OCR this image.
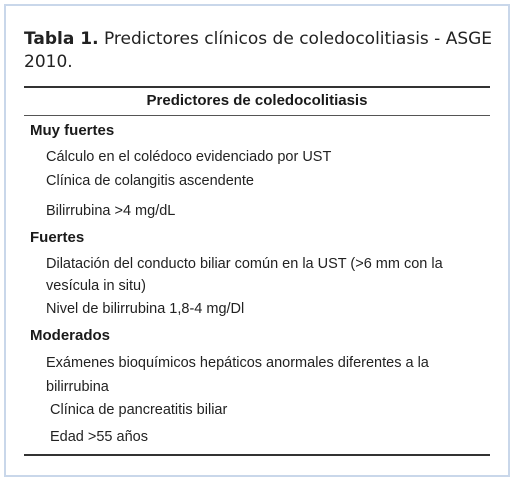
Tabla 1. Predictores clínicos de coledocolitiasis - ASGE 2010.
Predictores de coledocolitiasis
Muy fuertes
Cálculo en el colédoco evidenciado por UST
Clínica de colangitis ascendente
Bilirrubina >4 mg/dL
Fuertes
Dilatación del conducto biliar común en la UST (>6 mm con la vesícula in situ)
Nivel de bilirrubina 1,8-4 mg/Dl
Moderados
Exámenes bioquímicos hepáticos anormales diferentes a la bilirrubina
Clínica de pancreatitis biliar
Edad >55 años
